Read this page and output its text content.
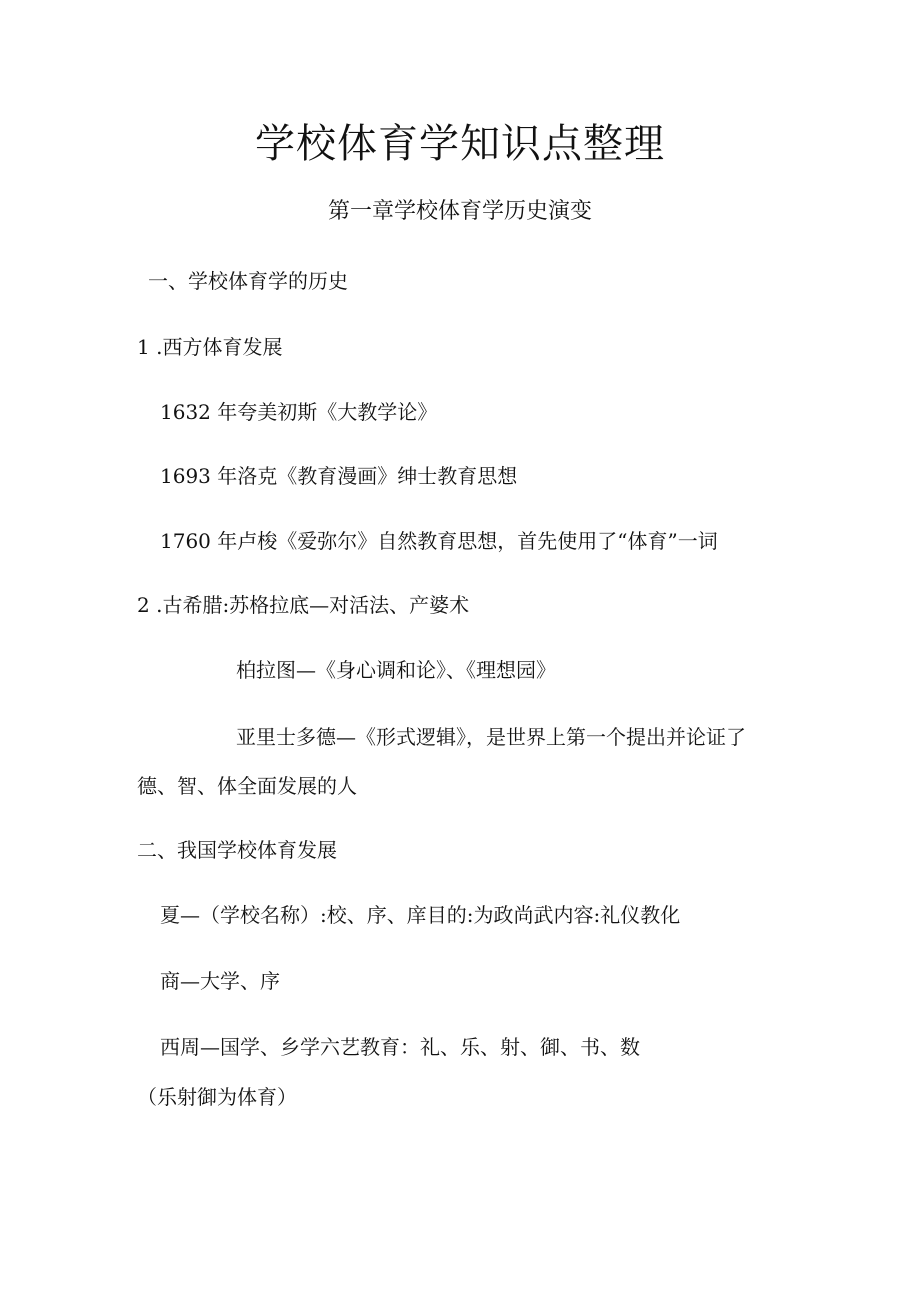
学校体育学知识点整理
第一章学校体育学历史演变
一、学校体育学的历史
1 .西方体育发展
1632 年夸美初斯《大教学论》
1693 年洛克《教育漫画》绅士教育思想
1760 年卢梭《爱弥尔》自然教育思想，首先使用了“体育”一词
2 .古希腊:苏格拉底—对活法、产婆术
柏拉图—《身心调和论》、《理想园》
亚里士多德—《形式逻辑》，是世界上第一个提出并论证了
德、智、体全面发展的人
二、我国学校体育发展
夏—（学校名称）:校、序、庠目的:为政尚武内容:礼仪教化
商—大学、序
西周—国学、乡学六艺教育：礼、乐、射、御、书、数
（乐射御为体育）
